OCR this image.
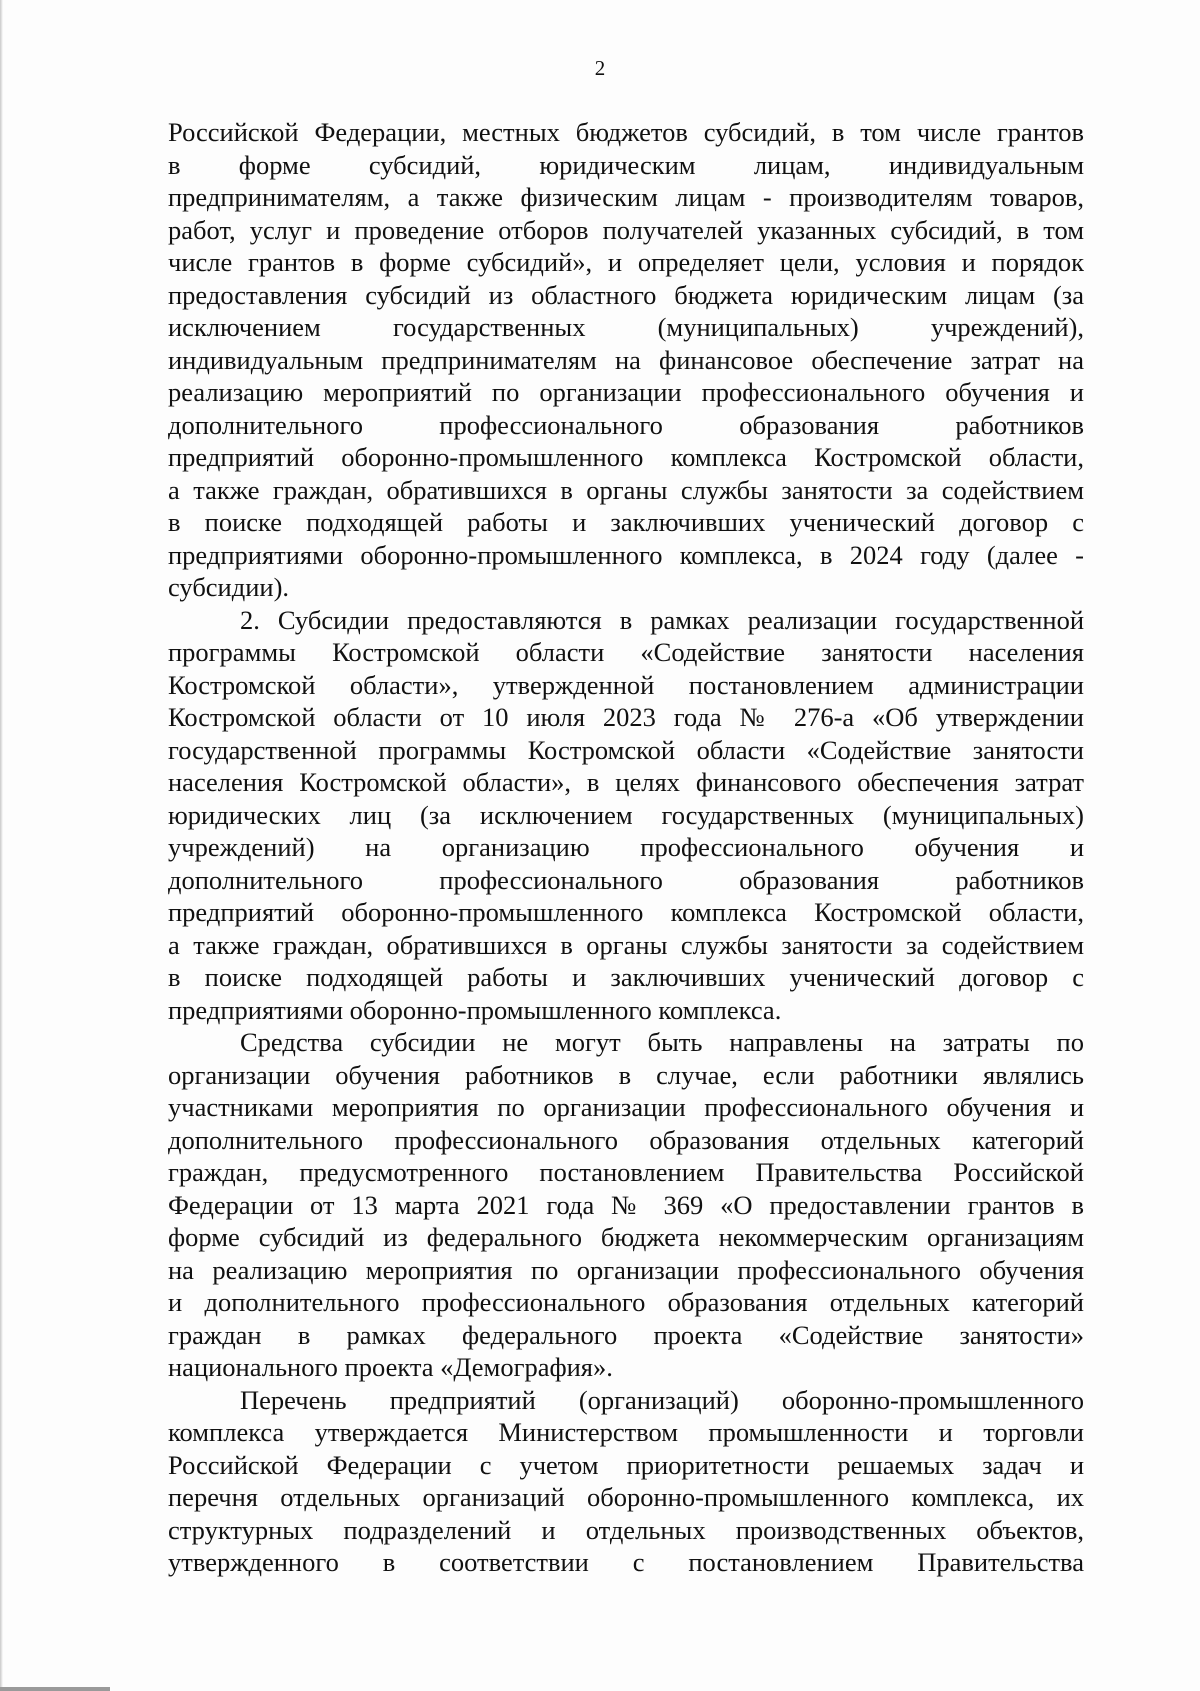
2
Российской Федерации, местных бюджетов субсидий, в том числе грантов
в форме субсидий, юридическим лицам, индивидуальным
предпринимателям, а также физическим лицам - производителям товаров,
работ, услуг и проведение отборов получателей указанных субсидий, в том
числе грантов в форме субсидий», и определяет цели, условия и порядок
предоставления субсидий из областного бюджета юридическим лицам (за
исключением государственных (муниципальных) учреждений),
индивидуальным предпринимателям на финансовое обеспечение затрат на
реализацию мероприятий по организации профессионального обучения и
дополнительного профессионального образования работников
предприятий оборонно-промышленного комплекса Костромской области,
а также граждан, обратившихся в органы службы занятости за содействием
в поиске подходящей работы и заключивших ученический договор с
предприятиями оборонно-промышленного комплекса, в 2024 году (далее -
субсидии).
2. Субсидии предоставляются в рамках реализации государственной
программы Костромской области «Содействие занятости населения
Костромской области», утвержденной постановлением администрации
Костромской области от 10 июля 2023 года № 276-а «Об утверждении
государственной программы Костромской области «Содействие занятости
населения Костромской области», в целях финансового обеспечения затрат
юридических лиц (за исключением государственных (муниципальных)
учреждений) на организацию профессионального обучения и
дополнительного профессионального образования работников
предприятий оборонно-промышленного комплекса Костромской области,
а также граждан, обратившихся в органы службы занятости за содействием
в поиске подходящей работы и заключивших ученический договор с
предприятиями оборонно-промышленного комплекса.
Средства субсидии не могут быть направлены на затраты по
организации обучения работников в случае, если работники являлись
участниками мероприятия по организации профессионального обучения и
дополнительного профессионального образования отдельных категорий
граждан, предусмотренного постановлением Правительства Российской
Федерации от 13 марта 2021 года № 369 «О предоставлении грантов в
форме субсидий из федерального бюджета некоммерческим организациям
на реализацию мероприятия по организации профессионального обучения
и дополнительного профессионального образования отдельных категорий
граждан в рамках федерального проекта «Содействие занятости»
национального проекта «Демография».
Перечень предприятий (организаций) оборонно-промышленного
комплекса утверждается Министерством промышленности и торговли
Российской Федерации с учетом приоритетности решаемых задач и
перечня отдельных организаций оборонно-промышленного комплекса, их
структурных подразделений и отдельных производственных объектов,
утвержденного в соответствии с постановлением Правительства
